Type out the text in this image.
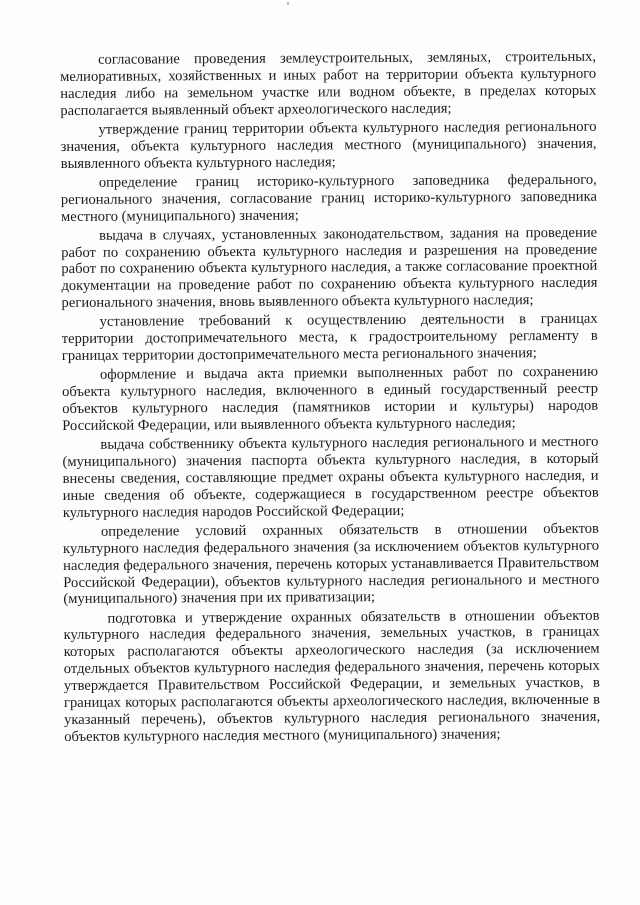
согласование проведения землеустроительных, земляных, строительных, мелиоративных, хозяйственных и иных работ на территории объекта культурного наследия либо на земельном участке или водном объекте, в пределах которых располагается выявленный объект археологического наследия;

утверждение границ территории объекта культурного наследия регионального значения, объекта культурного наследия местного (муниципального) значения, выявленного объекта культурного наследия;

определение границ историко-культурного заповедника федерального, регионального значения, согласование границ историко-культурного заповедника местного (муниципального) значения;

выдача в случаях, установленных законодательством, задания на проведение работ по сохранению объекта культурного наследия и разрешения на проведение работ по сохранению объекта культурного наследия, а также согласование проектной документации на проведение работ по сохранению объекта культурного наследия регионального значения, вновь выявленного объекта культурного наследия;

установление требований к осуществлению деятельности в границах территории достопримечательного места, к градостроительному регламенту в границах территории достопримечательного места регионального значения;

оформление и выдача акта приемки выполненных работ по сохранению объекта культурного наследия, включенного в единый государственный реестр объектов культурного наследия (памятников истории и культуры) народов Российской Федерации, или выявленного объекта культурного наследия;

выдача собственнику объекта культурного наследия регионального и местного (муниципального) значения паспорта объекта культурного наследия, в который внесены сведения, составляющие предмет охраны объекта культурного наследия, и иные сведения об объекте, содержащиеся в государственном реестре объектов культурного наследия народов Российской Федерации;

определение условий охранных обязательств в отношении объектов культурного наследия федерального значения (за исключением объектов культурного наследия федерального значения, перечень которых устанавливается Правительством Российской Федерации), объектов культурного наследия регионального и местного (муниципального) значения при их приватизации;

подготовка и утверждение охранных обязательств в отношении объектов культурного наследия федерального значения, земельных участков, в границах которых располагаются объекты археологического наследия (за исключением отдельных объектов культурного наследия федерального значения, перечень которых утверждается Правительством Российской Федерации, и земельных участков, в границах которых располагаются объекты археологического наследия, включенные в указанный перечень), объектов культурного наследия регионального значения, объектов культурного наследия местного (муниципального) значения;
